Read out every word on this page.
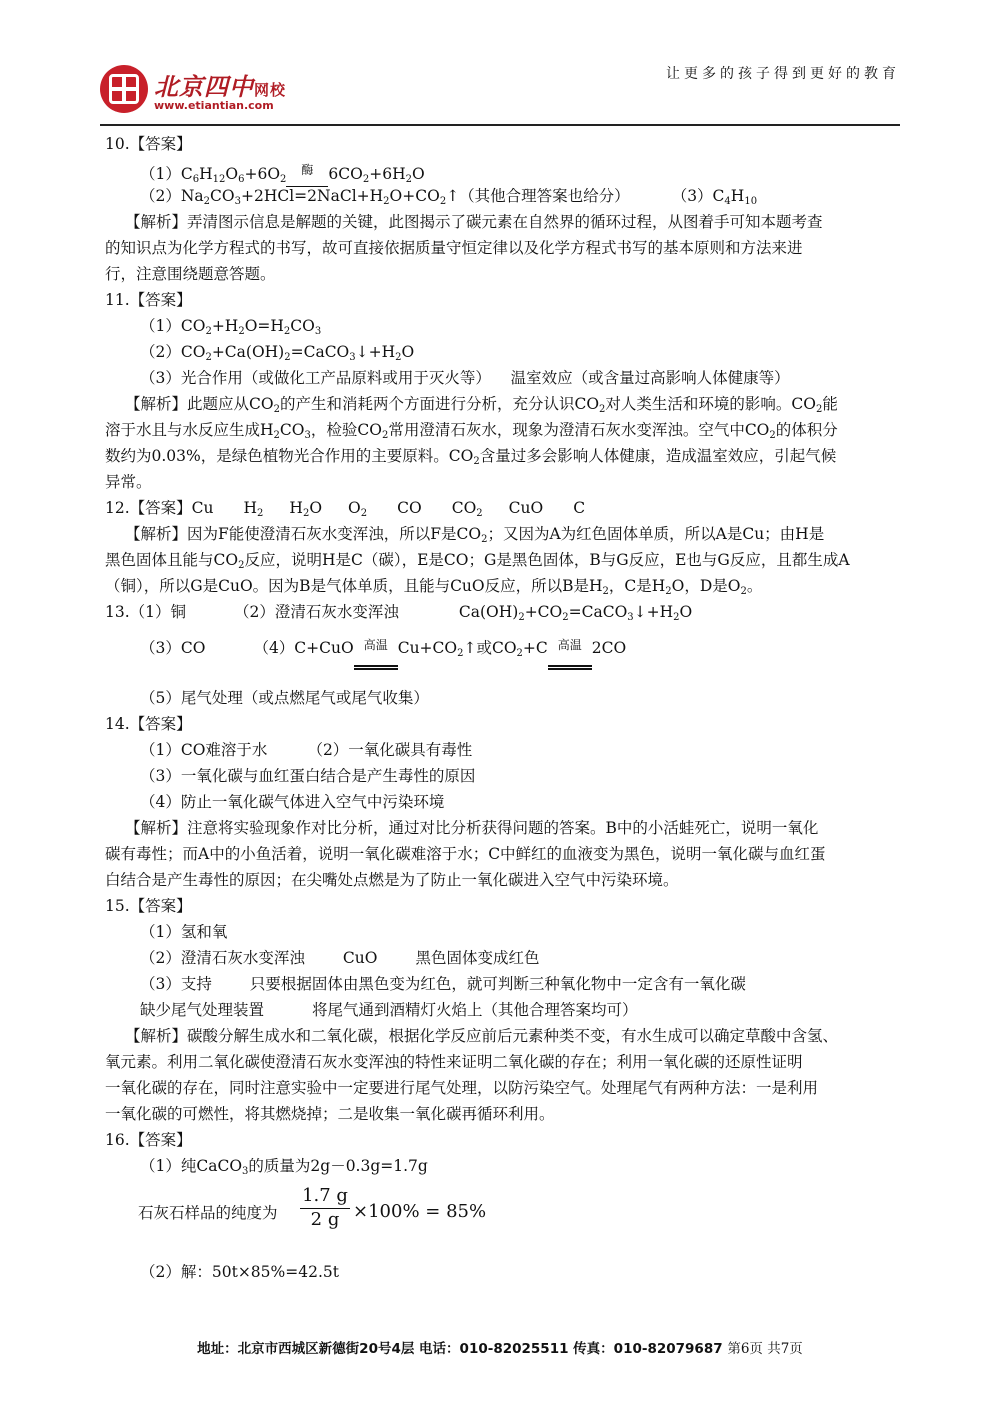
北京四中网校
www.etiantian.com
让更多的孩子得到更好的教育
10.【答案】
$(1)C_6H_{12}O_6+6O_2$酶 $6CO_2+6H_2O$
$(2)Na_2CO_3+2HCl=2NaCl+H_2O+CO_2↑$（其他合理答案也给分）	$(3)C_4H_{10}$
【解析】弄清图示信息是解题的关键，此图揭示了碳元素在自然界的循环过程，从图着手可知本题考查
的知识点为化学方程式的书写，故可直接依据质量守恒定律以及化学方程式书写的基本原则和方法来进
行，注意围绕题意答题。
11.【答案】
$(1)CO_2+H_2O=H_2CO_3$
$(2)CO_2+Ca(OH)_2=CaCO_3↓+H_2O$
（3）光合作用（或做化工产品原料或用于灭火等）    温室效应（或含量过高影响人体健康等）
【解析】此题应从$CO_2$的产生和消耗两个方面进行分析，充分认识$CO_2$对人类生活和环境的影响。$CO_2$能
溶于水且与水反应生成$H_2CO_3$，检验$CO_2$常用澄清石灰水，现象为澄清石灰水变浑浊。空气中$CO_2$的体积分
数约为0.03%，是绿色植物光合作用的主要原料。$CO_2$含量过多会影响人体健康，造成温室效应，引起气候
异常。
12.【答案】Cu $H_2$ $H_2O$ $O_2$ CO $CO_2$ CuO C
【解析】因为F能使澄清石灰水变浑浊，所以F是$CO_2$；又因为A为红色固体单质，所以A是Cu；由H是
黑色固体且能与$CO_2$反应，说明H是C（碳），E是CO；G是黑色固体，B与G反应，E也与G反应，且都生成A
（铜），所以G是CuO。因为B是气体单质，且能与CuO反应，所以B是$H_2$，C是$H_2O$，D是$O_2$。
13.（1）铜	（2）澄清石灰水变浑浊	$Ca(OH)_2+CO_2=CaCO_3↓+H_2O$
（3）CO	（4）C+CuO 高温 $Cu+CO_2↑$或$CO_2+C$ 高温 2CO
（5）尾气处理（或点燃尾气或尾气收集）
14.【答案】
（1）CO难溶于水	（2）一氧化碳具有毒性
（3）一氧化碳与血红蛋白结合是产生毒性的原因
（4）防止一氧化碳气体进入空气中污染环境
【解析】注意将实验现象作对比分析，通过对比分析获得问题的答案。B中的小活蛙死亡，说明一氧化
碳有毒性；而A中的小鱼活着，说明一氧化碳难溶于水；C中鲜红的血液变为黑色，说明一氧化碳与血红蛋
白结合是产生毒性的原因；在尖嘴处点燃是为了防止一氧化碳进入空气中污染环境。
15.【答案】
（1）氢和氧
（2）澄清石灰水变浑浊 CuO 黑色固体变成红色
（3）支持 只要根据固体由黑色变为红色，就可判断三种氧化物中一定含有一氧化碳
缺少尾气处理装置	将尾气通到酒精灯火焰上（其他合理答案均可）
【解析】碳酸分解生成水和二氧化碳，根据化学反应前后元素种类不变，有水生成可以确定草酸中含氢、
氧元素。利用二氧化碳使澄清石灰水变浑浊的特性来证明二氧化碳的存在；利用一氧化碳的还原性证明
一氧化碳的存在，同时注意实验中一定要进行尾气处理，以防污染空气。处理尾气有两种方法：一是利用
一氧化碳的可燃性，将其燃烧掉；二是收集一氧化碳再循环利用。
16.【答案】
（1）纯CaCO$_3$的质量为2g－0.3g=1.7g
石灰石样品的纯度为 $\frac{1.7 g}{2 g} \times 100\% = 85\%$
（2）解：50t×85%=42.5t
地址：北京市西城区新德街20号4层 电话：010-82025511 传真：010-82079687 第6页 共7页
